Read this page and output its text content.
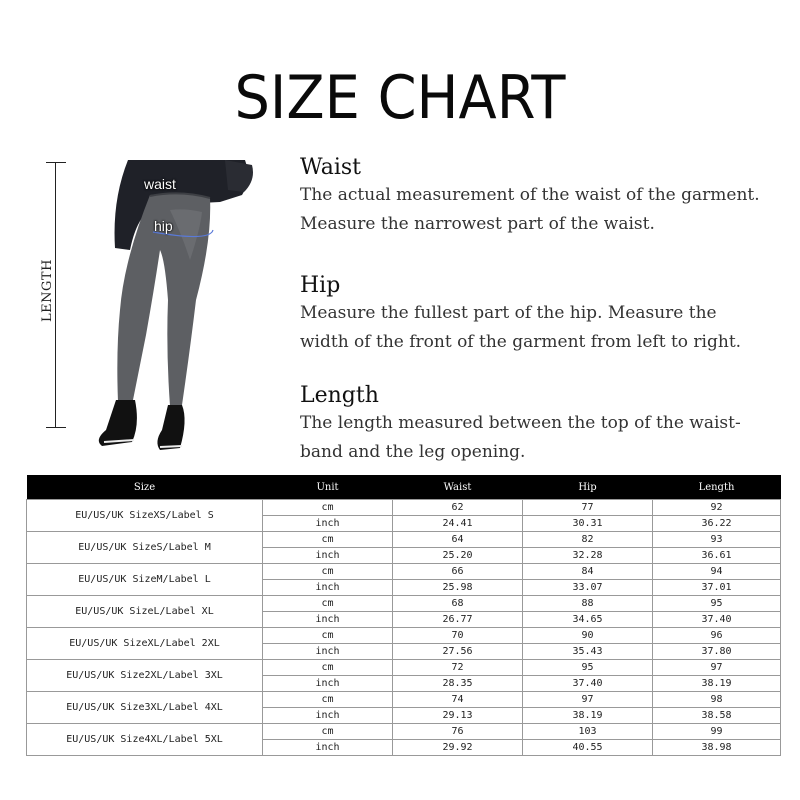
SIZE CHART
LENGTH
waist
hip
Waist

The actual measurement of the waist of the garment.

Measure the narrowest part of the waist.

Hip

Measure the fullest part of the hip. Measure the

width of the front of the garment from left to right.

Length

The length measured between the top of the waist-

band and the leg opening.

Size	Unit	Waist	Hip	Length
EU/US/UK SizeXS/Label S	cm	62	77	92
	inch	24.41	30.31	36.22
EU/US/UK SizeS/Label M	cm	64	82	93
	inch	25.20	32.28	36.61
EU/US/UK SizeM/Label L	cm	66	84	94
	inch	25.98	33.07	37.01
EU/US/UK SizeL/Label XL	cm	68	88	95
	inch	26.77	34.65	37.40
EU/US/UK SizeXL/Label 2XL	cm	70	90	96
	inch	27.56	35.43	37.80
EU/US/UK Size2XL/Label 3XL	cm	72	95	97
	inch	28.35	37.40	38.19
EU/US/UK Size3XL/Label 4XL	cm	74	97	98
	inch	29.13	38.19	38.58
EU/US/UK Size4XL/Label 5XL	cm	76	103	99
	inch	29.92	40.55	38.98
